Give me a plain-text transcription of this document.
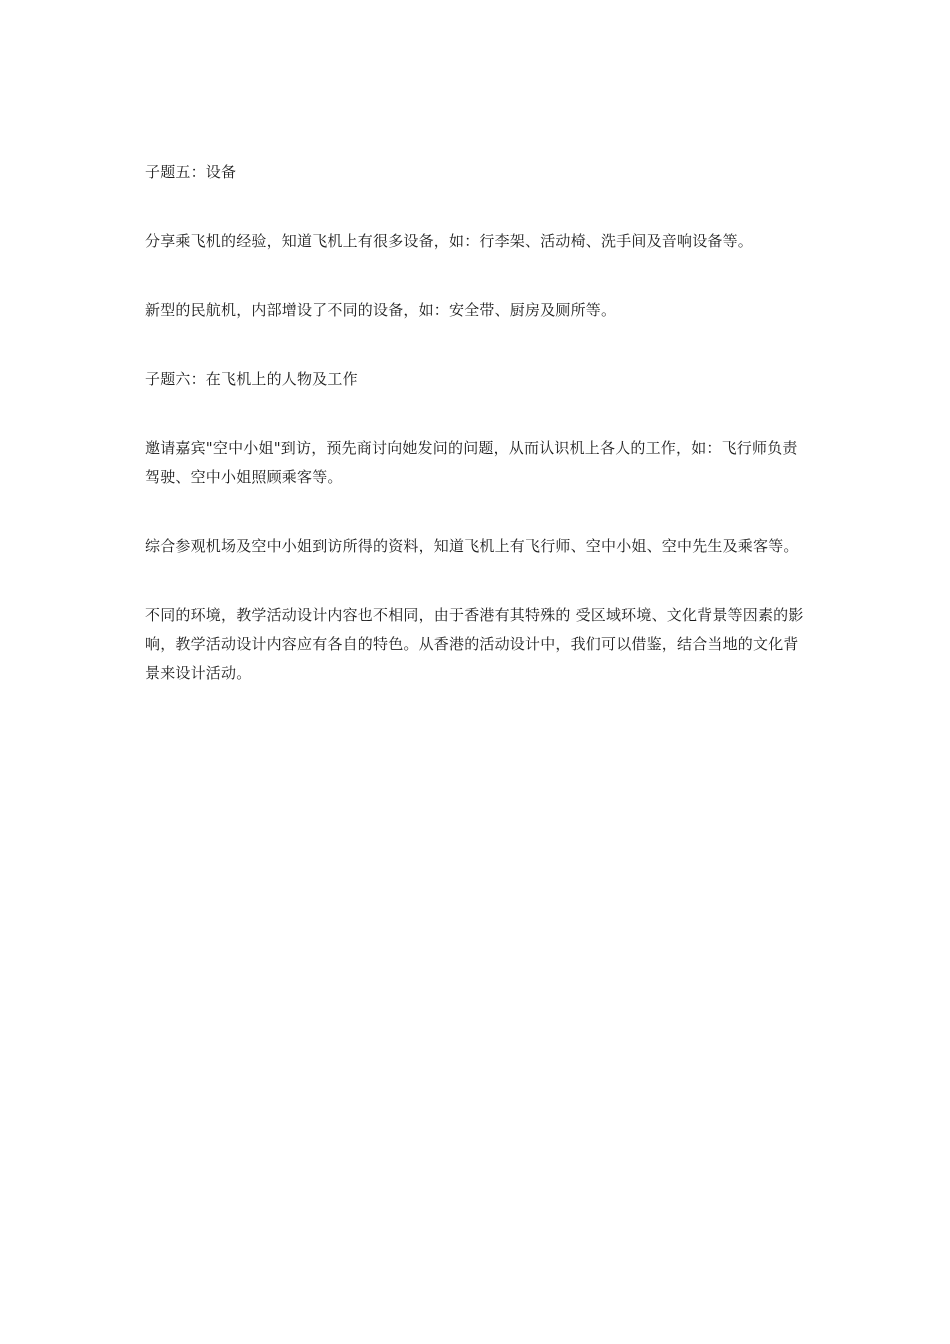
子题五：设备

分享乘飞机的经验，知道飞机上有很多设备，如：行李架、活动椅、洗手间及音响设备等。

新型的民航机，内部增设了不同的设备，如：安全带、厨房及厕所等。

子题六：在飞机上的人物及工作

邀请嘉宾"空中小姐"到访，预先商讨向她发问的问题，从而认识机上各人的工作，如：飞行师负责驾驶、空中小姐照顾乘客等。

综合参观机场及空中小姐到访所得的资料，知道飞机上有飞行师、空中小姐、空中先生及乘客等。

不同的环境，教学活动设计内容也不相同，由于香港有其特殊的 受区域环境、文化背景等因素的影响，教学活动设计内容应有各自的特色。从香港的活动设计中，我们可以借鉴，结合当地的文化背景来设计活动。
